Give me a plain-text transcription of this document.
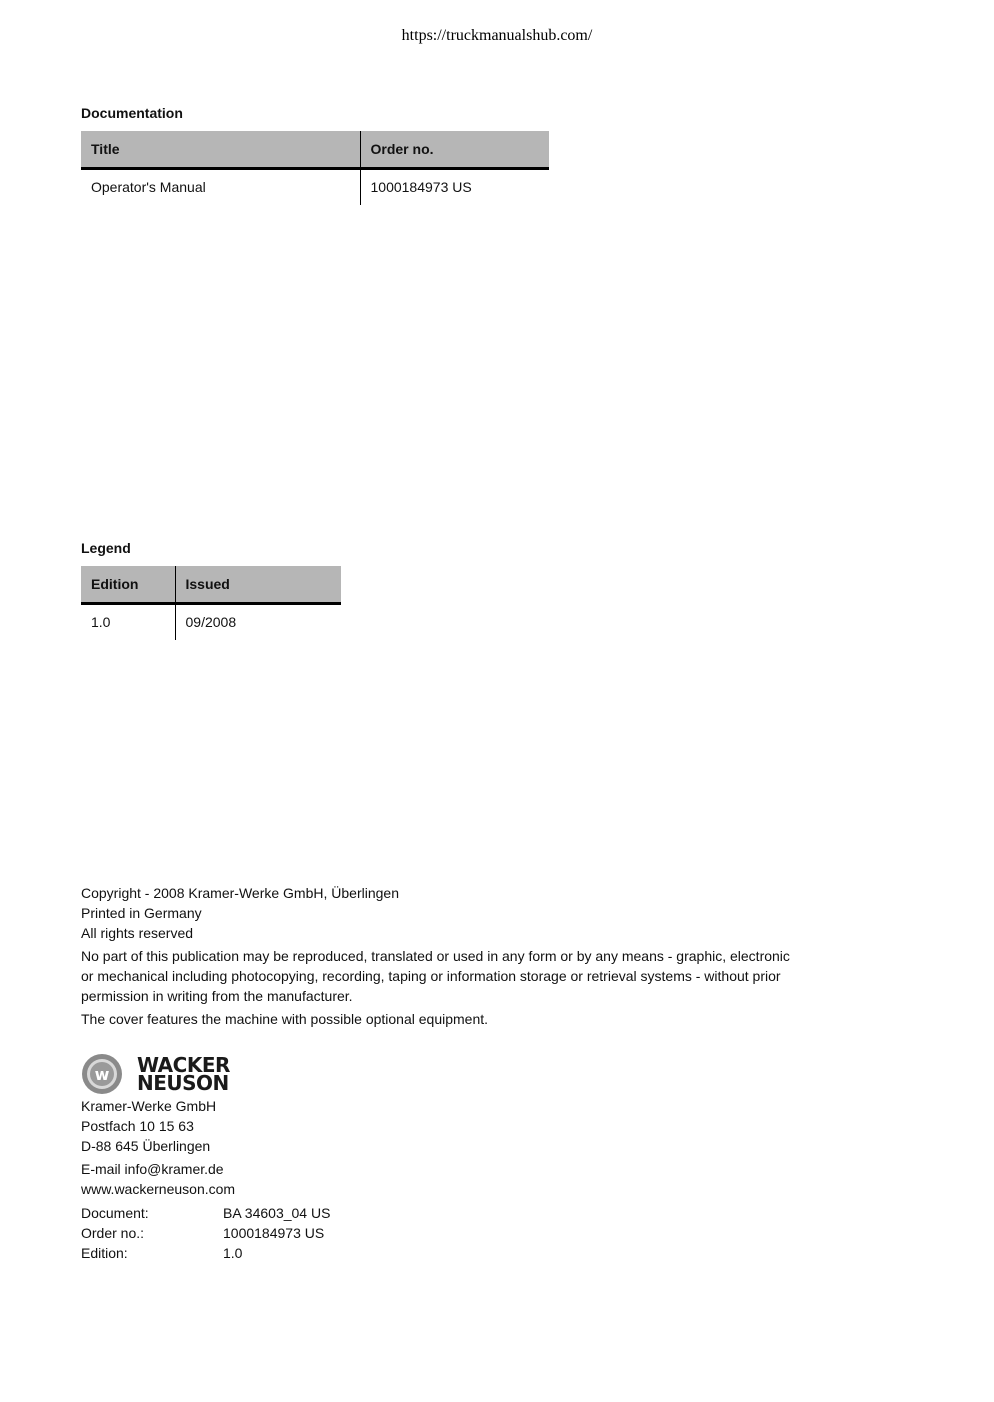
https://truckmanualshub.com/
Documentation
Title	Order no.
Operator's Manual	1000184973 US
Legend
Edition	Issued
1.0	09/2008

Copyright - 2008 Kramer-Werke GmbH, Überlingen

Printed in Germany

All rights reserved

No part of this publication may be reproduced, translated or used in any form or by any means - graphic, electronic

or mechanical including photocopying, recording, taping or information storage or retrieval systems - without prior

permission in writing from the manufacturer.

The cover features the machine with possible optional equipment.

w WACKER
NEUSON

Kramer-Werke GmbH

Postfach 10 15 63

D-88 645 Überlingen

E-mail info@kramer.de

www.wackerneuson.com

Document:	BA 34603_04 US
Order no.:	1000184973 US
Edition:	1.0
